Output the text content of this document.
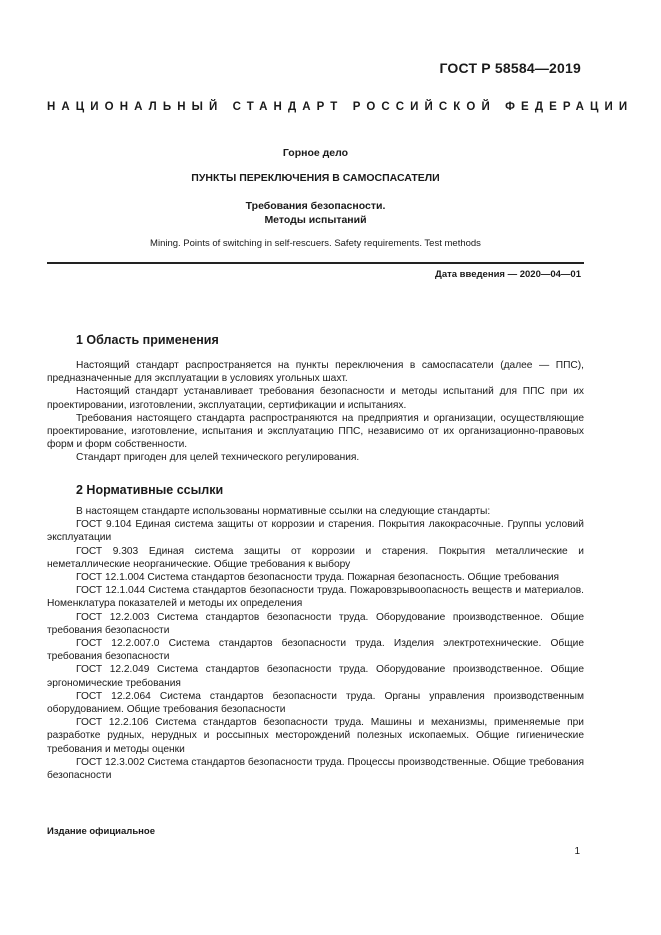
ГОСТ Р 58584—2019
НАЦИОНАЛЬНЫЙ СТАНДАРТ РОССИЙСКОЙ ФЕДЕРАЦИИ
Горное дело
ПУНКТЫ ПЕРЕКЛЮЧЕНИЯ В САМОСПАСАТЕЛИ
Требования безопасности.
Методы испытаний
Mining. Points of switching in self-rescuers. Safety requirements. Test methods
Дата введения — 2020—04—01
1 Область применения

Настоящий стандарт распространяется на пункты переключения в самоспасатели (далее — ППС), предназначенные для эксплуатации в условиях угольных шахт.

Настоящий стандарт устанавливает требования безопасности и методы испытаний для ППС при их проектировании, изготовлении, эксплуатации, сертификации и испытаниях.

Требования настоящего стандарта распространяются на предприятия и организации, осуществляющие проектирование, изготовление, испытания и эксплуатацию ППС, независимо от их организационно-правовых форм и форм собственности.

Стандарт пригоден для целей технического регулирования.

2 Нормативные ссылки

В настоящем стандарте использованы нормативные ссылки на следующие стандарты:

ГОСТ 9.104 Единая система защиты от коррозии и старения. Покрытия лакокрасочные. Группы условий эксплуатации

ГОСТ 9.303 Единая система защиты от коррозии и старения. Покрытия металлические и неметаллические неорганические. Общие требования к выбору

ГОСТ 12.1.004 Система стандартов безопасности труда. Пожарная безопасность. Общие требования

ГОСТ 12.1.044 Система стандартов безопасности труда. Пожаровзрывоопасность веществ и материалов. Номенклатура показателей и методы их определения

ГОСТ 12.2.003 Система стандартов безопасности труда. Оборудование производственное. Общие требования безопасности

ГОСТ 12.2.007.0 Система стандартов безопасности труда. Изделия электротехнические. Общие требования безопасности

ГОСТ 12.2.049 Система стандартов безопасности труда. Оборудование производственное. Общие эргономические требования

ГОСТ 12.2.064 Система стандартов безопасности труда. Органы управления производственным оборудованием. Общие требования безопасности

ГОСТ 12.2.106 Система стандартов безопасности труда. Машины и механизмы, применяемые при разработке рудных, нерудных и россыпных месторождений полезных ископаемых. Общие гигиенические требования и методы оценки

ГОСТ 12.3.002 Система стандартов безопасности труда. Процессы производственные. Общие требования безопасности

Издание официальное
1
